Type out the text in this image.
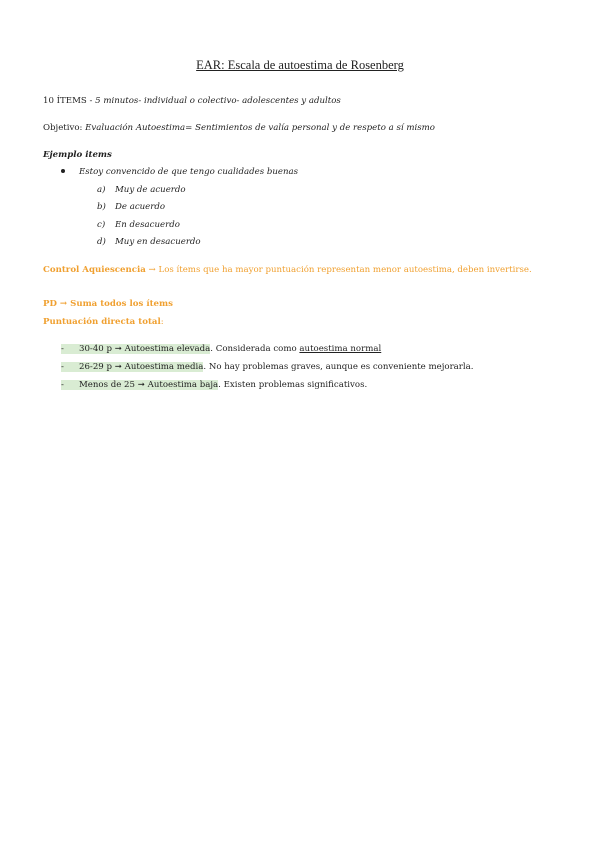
EAR: Escala de autoestima de Rosenberg
10 ÍTEMS - 5 minutos- individual o colectivo- adolescentes y adultos
Objetivo: Evaluación Autoestima= Sentimientos de valía personal y de respeto a sí mismo
Ejemplo items
Estoy convencido de que tengo cualidades buenas
a) Muy de acuerdo
b) De acuerdo
c) En desacuerdo
d) Muy en desacuerdo
Control Aquiescencia → Los ítems que ha mayor puntuación representan menor autoestima, deben invertirse.
PD → Suma todos los ítems
Puntuación directa total:
- 30-40 p ➞ Autoestima elevada. Considerada como autoestima normal
- 26-29 p ➞ Autoestima media. No hay problemas graves, aunque es conveniente mejorarla.
- Menos de 25 ➞ Autoestima baja. Existen problemas significativos.
